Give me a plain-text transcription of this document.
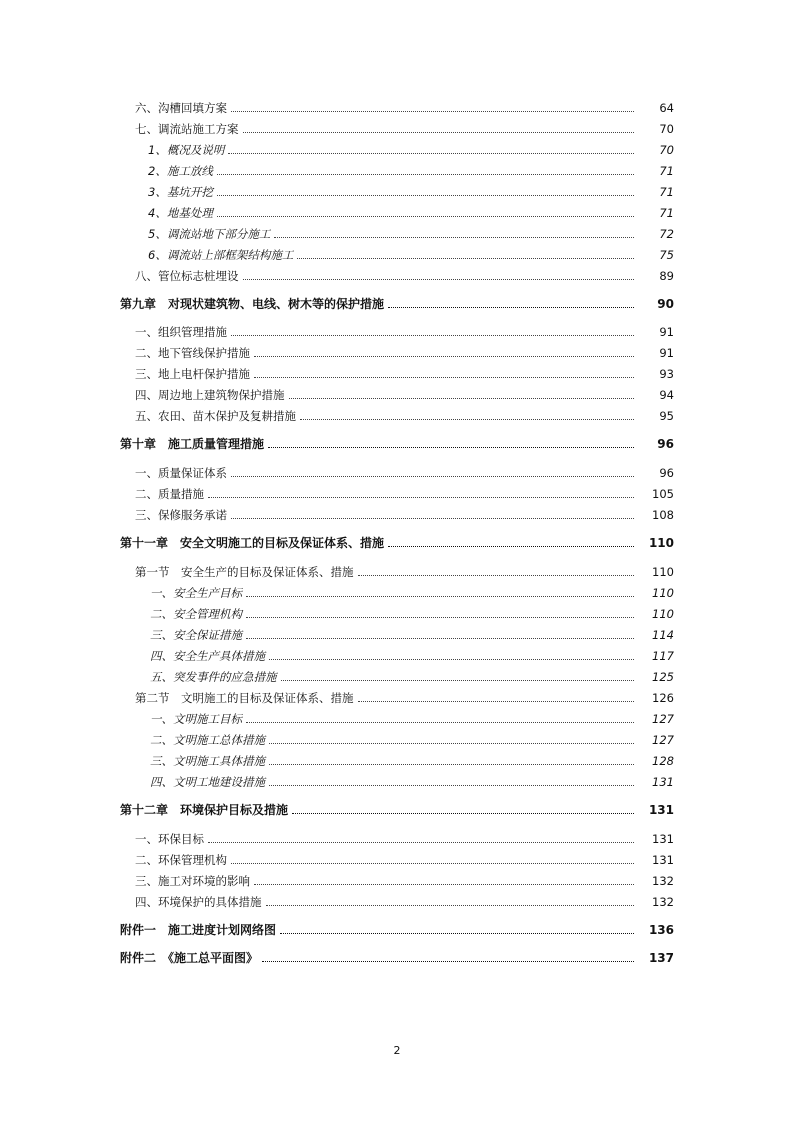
六、沟槽回填方案	64
七、调流站施工方案	70
1、概况及说明	70
2、施工放线	71
3、基坑开挖	71
4、地基处理	71
5、调流站地下部分施工	72
6、调流站上部框架结构施工	75
八、管位标志桩埋设	89
第九章　对现状建筑物、电线、树木等的保护措施	90
一、组织管理措施	91
二、地下管线保护措施	91
三、地上电杆保护措施	93
四、周边地上建筑物保护措施	94
五、农田、苗木保护及复耕措施	95
第十章　施工质量管理措施	96
一、质量保证体系	96
二、质量措施	105
三、保修服务承诺	108
第十一章　安全文明施工的目标及保证体系、措施	110
第一节　安全生产的目标及保证体系、措施	110
一、安全生产目标	110
二、安全管理机构	110
三、安全保证措施	114
四、安全生产具体措施	117
五、突发事件的应急措施	125
第二节　文明施工的目标及保证体系、措施	126
一、文明施工目标	127
二、文明施工总体措施	127
三、文明施工具体措施	128
四、文明工地建设措施	131
第十二章　环境保护目标及措施	131
一、环保目标	131
二、环保管理机构	131
三、施工对环境的影响	132
四、环境保护的具体措施	132
附件一　施工进度计划网络图	136
附件二　《施工总平面图》	137
2
